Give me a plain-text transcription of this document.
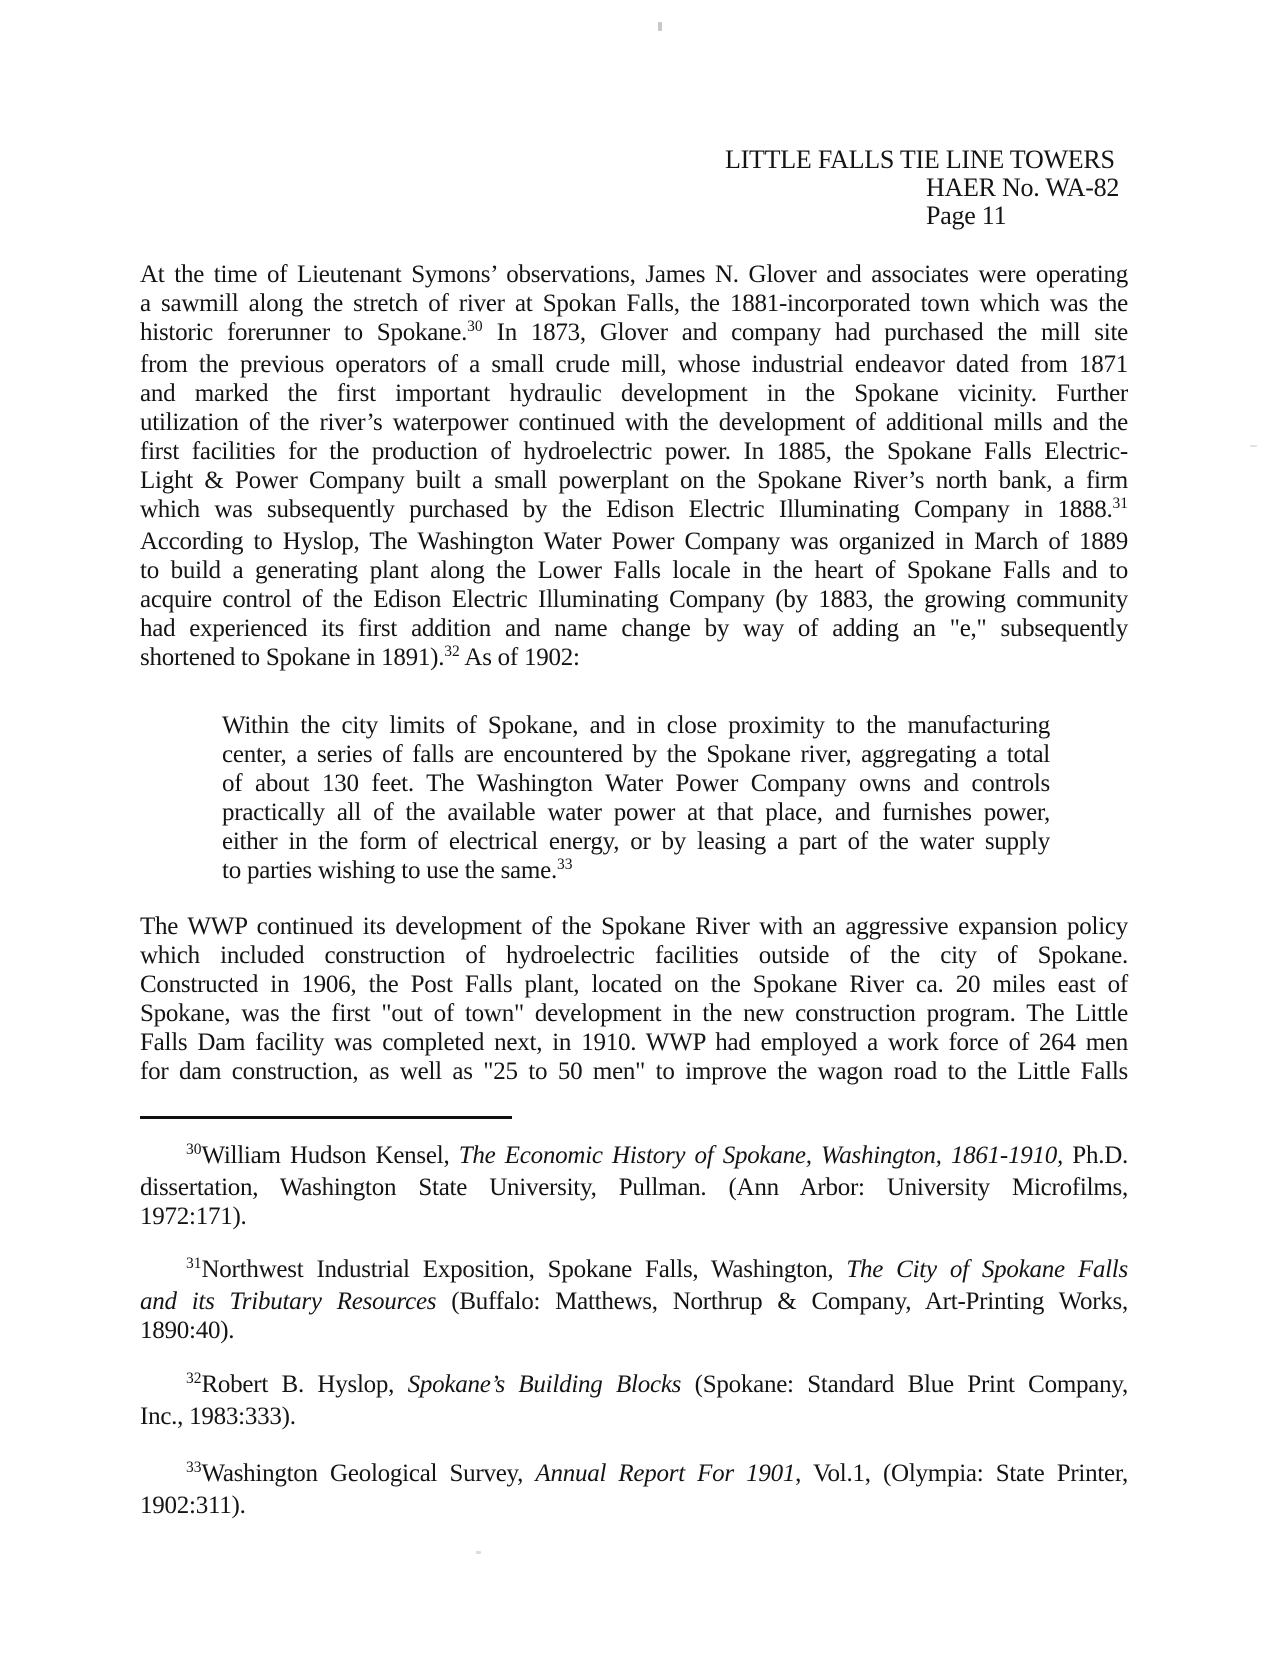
LITTLE FALLS TIE LINE TOWERS
HAER No. WA-82
Page 11
At the time of Lieutenant Symons’ observations, James N. Glover and associates were operating
a sawmill along the stretch of river at Spokan Falls, the 1881-incorporated town which was the
historic forerunner to Spokane.$^{30}$ In 1873, Glover and company had purchased the mill site
from the previous operators of a small crude mill, whose industrial endeavor dated from 1871
and marked the first important hydraulic development in the Spokane vicinity. Further
utilization of the river’s waterpower continued with the development of additional mills and the
first facilities for the production of hydroelectric power. In 1885, the Spokane Falls Electric-
Light & Power Company built a small powerplant on the Spokane River’s north bank, a firm
which was subsequently purchased by the Edison Electric Illuminating Company in 1888.31
According to Hyslop, The Washington Water Power Company was organized in March of 1889
to build a generating plant along the Lower Falls locale in the heart of Spokane Falls and to
acquire control of the Edison Electric Illuminating Company (by 1883, the growing community
had experienced its first addition and name change by way of adding an "e," subsequently
shortened to Spokane in 1891).$^{32}$ As of 1902:
Within the city limits of Spokane, and in close proximity to the manufacturing
center, a series of falls are encountered by the Spokane river, aggregating a total
of about 130 feet. The Washington Water Power Company owns and controls
practically all of the available water power at that place, and furnishes power,
either in the form of electrical energy, or by leasing a part of the water supply
to parties wishing to use the same.$^{33}$
The WWP continued its development of the Spokane River with an aggressive expansion policy
which included construction of hydroelectric facilities outside of the city of Spokane.
Constructed in 1906, the Post Falls plant, located on the Spokane River ca. 20 miles east of
Spokane, was the first "out of town" development in the new construction program. The Little
Falls Dam facility was completed next, in 1910. WWP had employed a work force of 264 men
for dam construction, as well as "25 to 50 men" to improve the wagon road to the Little Falls
$^{30}$William Hudson Kensel, The Economic History of Spokane, Washington, 1861-1910, Ph.D.
dissertation, Washington State University, Pullman. (Ann Arbor: University Microfilms,
1972:171).
$^{31}$Northwest Industrial Exposition, Spokane Falls, Washington, The City of Spokane Falls
and its Tributary Resources (Buffalo: Matthews, Northrup & Company, Art-Printing Works,
1890:40).
$^{32}$Robert B. Hyslop, Spokane’s Building Blocks (Spokane: Standard Blue Print Company,
Inc., 1983:333).
$^{33}$Washington Geological Survey, Annual Report For 1901, Vol.1, (Olympia: State Printer,
1902:311).
